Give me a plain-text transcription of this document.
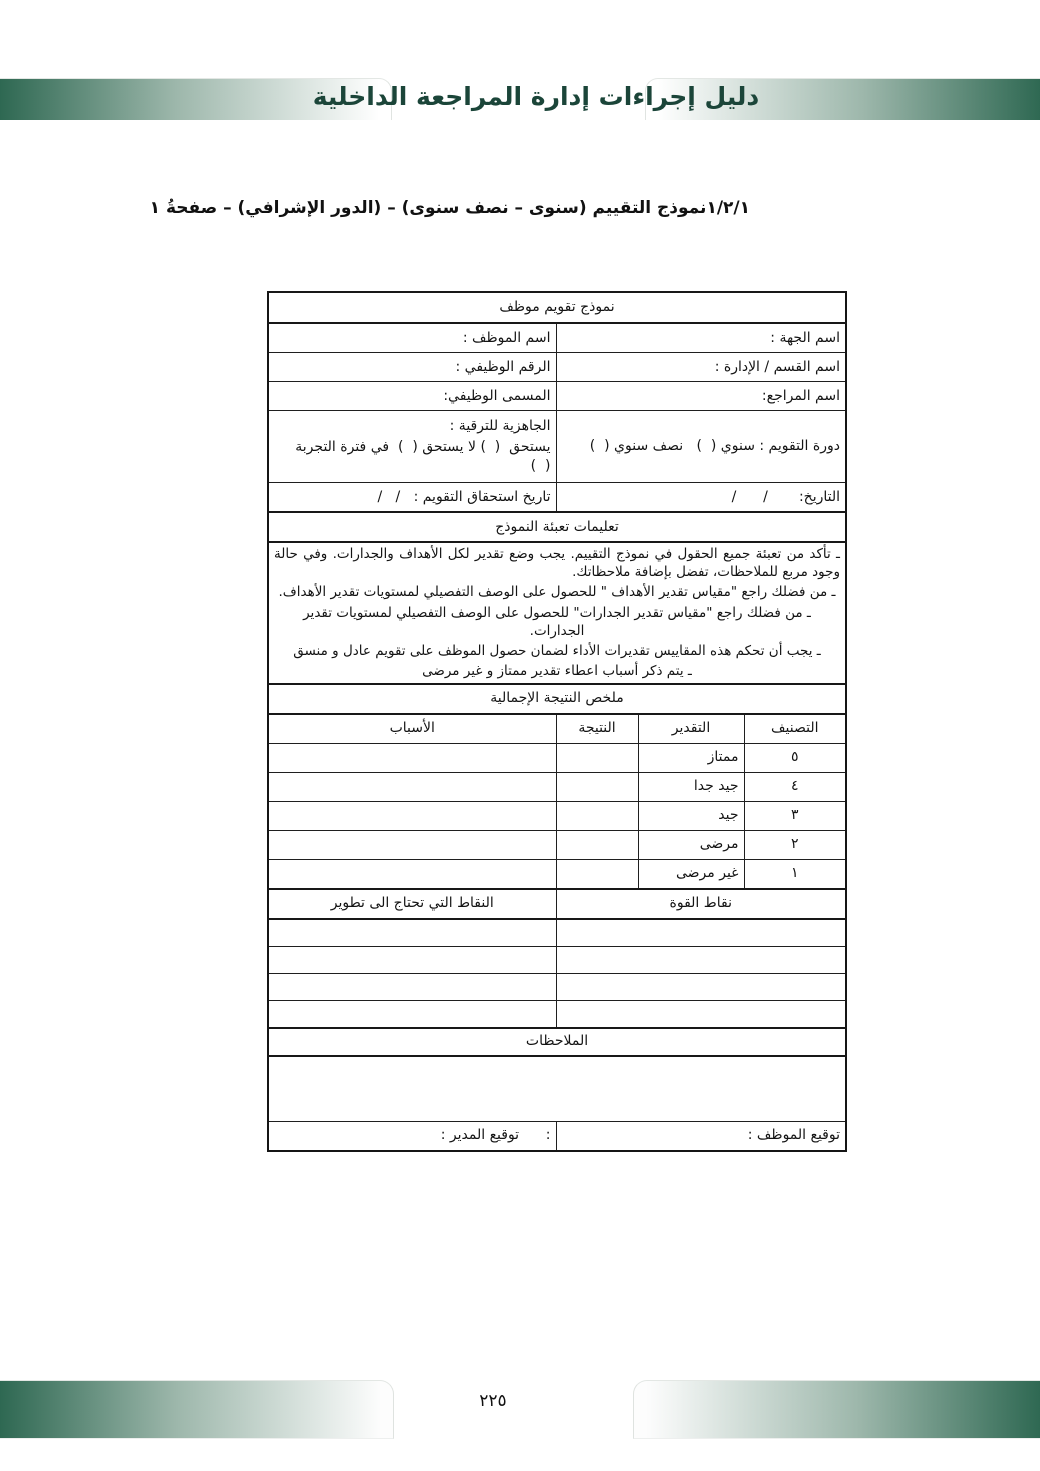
دليل إجراءات إدارة المراجعة الداخلية
١/٢/١نموذج التقييم (سنوى – نصف سنوى) – (الدور الإشرافي) – صفحةُ ١
نموذج تقويم موظف			
اسم الجهة :			اسم الموظف :
اسم القسم / الإدارة :			الرقم الوظيفي :
اسم المراجع:			المسمى الوظيفي:
دورة التقويم : سنوي (  )   نصف سنوي (  )			الجاهزية للترقية :
يستحق  (  ) لا يستحق (  )  في فترة التجربة (  )

التاريخ:       /      /			تاريخ استحقاق التقويم :   /   /
تعليمات تعبئة النموذج			

ـ تأكد من تعبئة جميع الحقول في نموذج التقييم. يجب وضع تقدير لكل الأهداف والجدارات. وفي حالة وجود مربع للملاحظات، تفضل بإضافة ملاحظاتك.
ـ من فضلك راجع "مقياس تقدير الأهداف " للحصول على الوصف التفصيلي لمستويات تقدير الأهداف.
ـ من فضلك راجع "مقياس تقدير الجدارات" للحصول على الوصف التفصيلي لمستويات تقدير الجدارات.
ـ يجب أن تحكم هذه المقاييس تقديرات الأداء لضمان حصول الموظف على تقويم عادل و منسق
ـ يتم ذكر أسباب اعطاء تقدير ممتاز و غير مرضى			

ملخص النتيجة الإجمالية			
التصنيف	التقدير	النتيجة	الأسباب
٥	ممتاز		
٤	جيد جدا		
٣	جيد		
٢	مرضى		
١	غير مرضى		
نقاط القوة			النقاط التي تحتاج الى تطوير

الملاحظات			

توقيع الموظف :			:      توقيع المدير :
٢٢٥
